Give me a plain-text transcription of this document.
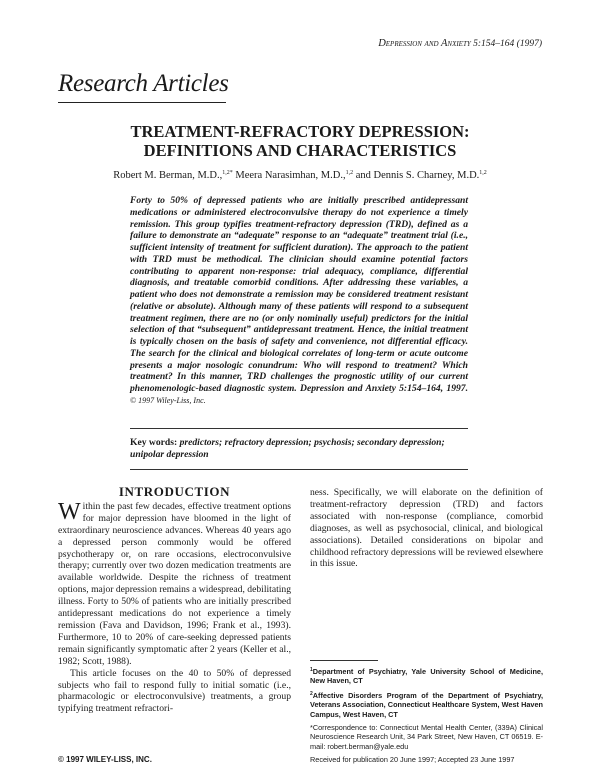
Depression and Anxiety 5:154–164 (1997)
Research Articles
TREATMENT-REFRACTORY DEPRESSION:
DEFINITIONS AND CHARACTERISTICS
Robert M. Berman, M.D.,$^{1,2*}$ Meera Narasimhan, M.D.,$^{1,2}$ and Dennis S. Charney, M.D.$^{1,2}$
Forty to 50% of depressed patients who are initially prescribed antidepressant medications or administered electroconvulsive therapy do not experience a timely remission. This group typifies treatment-refractory depression (TRD), defined as a failure to demonstrate an “adequate” response to an “adequate” treatment trial (i.e., sufficient intensity of treatment for sufficient duration). The approach to the patient with TRD must be methodical. The clinician should examine potential factors contributing to apparent non-response: trial adequacy, compliance, differential diagnosis, and treatable comorbid conditions. After addressing these variables, a patient who does not demonstrate a remission may be considered treatment resistant (relative or absolute). Although many of these patients will respond to a subsequent treatment regimen, there are no (or only nominally useful) predictors for the initial selection of that “subsequent” antidepressant treatment. Hence, the initial treatment is typically chosen on the basis of safety and convenience, not differential efficacy. The search for the clinical and biological correlates of long-term or acute outcome presents a major nosologic conundrum: Who will respond to treatment? Which treatment? In this manner, TRD challenges the prognostic utility of our current phenomenologic-based diagnostic system. Depression and Anxiety 5:154–164, 1997. © 1997 Wiley-Liss, Inc.
Key words: predictors; refractory depression; psychosis; secondary depression; unipolar depression
INTRODUCTION

Within the past few decades, effective treatment options for major depression have bloomed in the light of extraordinary neuroscience advances. Whereas 40 years ago a depressed person commonly would be offered psychotherapy or, on rare occasions, electroconvulsive therapy; currently over two dozen medication treatments are available worldwide. Despite the richness of treatment options, major depression remains a widespread, debilitating illness. Forty to 50% of patients who are initially prescribed antidepressant medications do not experience a timely remission (Fava and Davidson, 1996; Frank et al., 1993). Furthermore, 10 to 20% of care-seeking depressed patients remain significantly symptomatic after 2 years (Keller et al., 1982; Scott, 1988).

This article focuses on the 40 to 50% of depressed subjects who fail to respond fully to initial somatic (i.e., pharmacologic or electroconvulsive) treatments, a group typifying treatment refractori-

ness. Specifically, we will elaborate on the definition of treatment-refractory depression (TRD) and factors associated with non-response (compliance, comorbid diagnoses, as well as psychosocial, clinical, and biological associations). Detailed considerations on bipolar and childhood refractory depressions will be reviewed elsewhere in this issue.

$^1$Department of Psychiatry, Yale University School of Medicine, New Haven, CT

$^2$Affective Disorders Program of the Department of Psychiatry, Veterans Association, Connecticut Healthcare System, West Haven Campus, West Haven, CT

*Correspondence to: Connecticut Mental Health Center, (339A) Clinical Neuroscience Research Unit, 34 Park Street, New Haven, CT 06519. E-mail: robert.berman@yale.edu

Received for publication 20 June 1997; Accepted 23 June 1997

© 1997 WILEY-LISS, INC.
